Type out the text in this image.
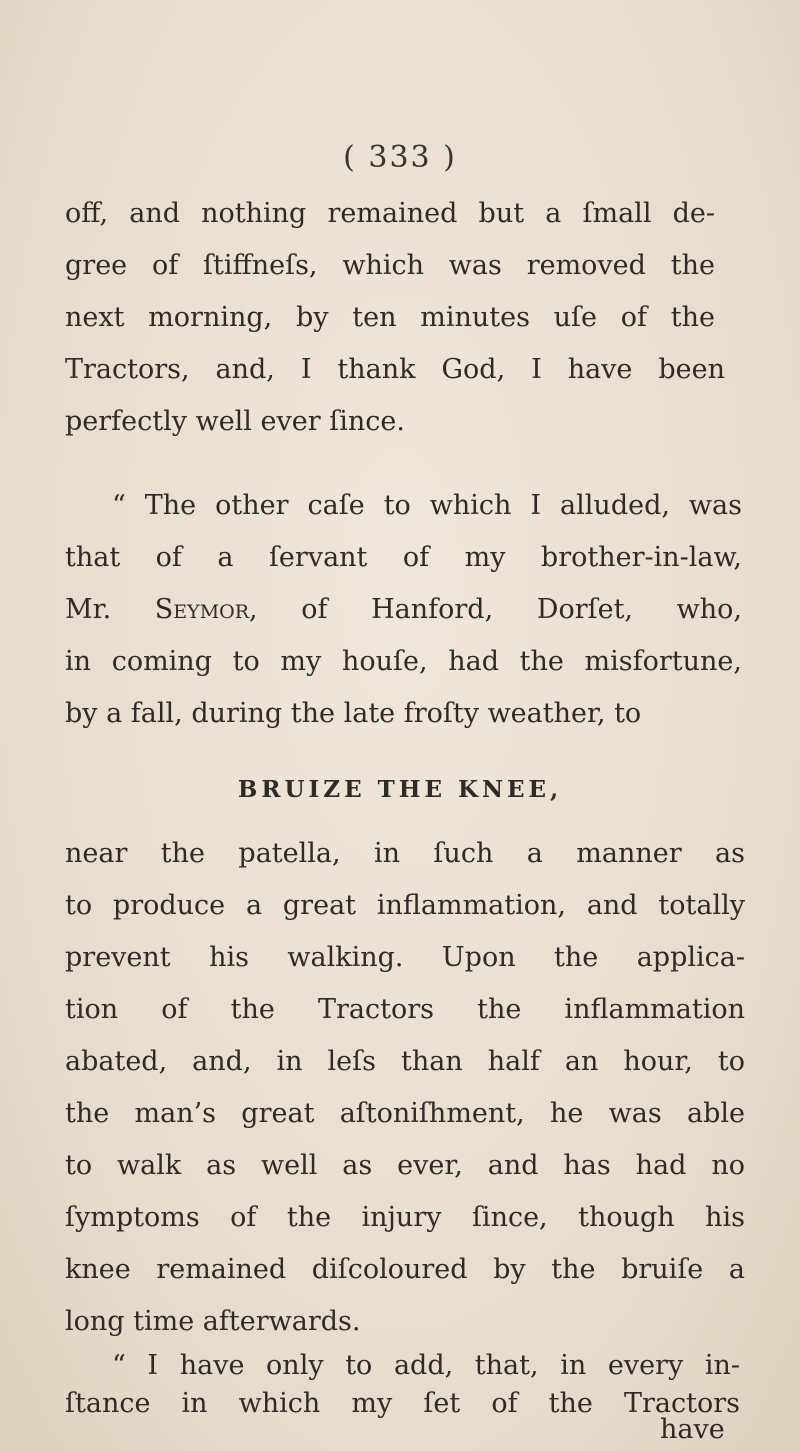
( 333 )
off, and nothing remained but a ſmall de-
gree of ſtiffneſs, which was removed the
next morning, by ten minutes uſe of the
Tractors, and, I thank God, I have been
perfectly well ever ſince.
“ The other caſe to which I alluded, was
that of a ſervant of my brother-in-law,
Mr. Seymor, of Hanford, Dorſet, who,
in coming to my houſe, had the misfortune,
by a fall, during the late froſty weather, to
BRUIZE THE KNEE,
near the patella, in ſuch a manner as
to produce a great inflammation, and totally
prevent his walking. Upon the applica-
tion of the Tractors the inflammation
abated, and, in leſs than half an hour, to
the man’s great aſtoniſhment, he was able
to walk as well as ever, and has had no
ſymptoms of the injury ſince, though his
knee remained diſcoloured by the bruiſe a
long time afterwards.
“ I have only to add, that, in every in-
ſtance in which my ſet of the Tractors
have
